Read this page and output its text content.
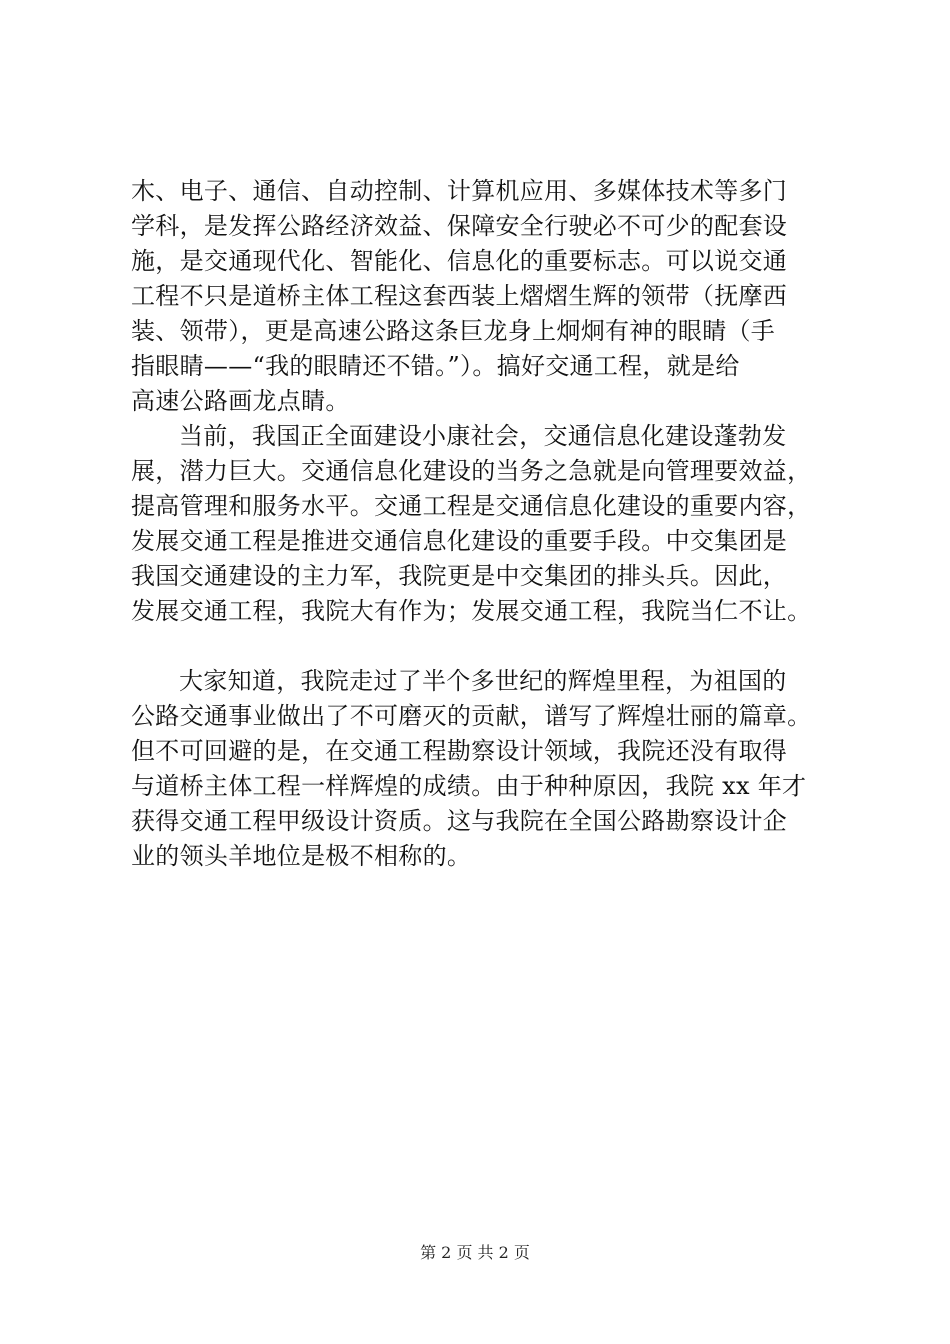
木、电子、通信、自动控制、计算机应用、多媒体技术等多门
学科，是发挥公路经济效益、保障安全行驶必不可少的配套设
施，是交通现代化、智能化、信息化的重要标志。可以说交通
工程不只是道桥主体工程这套西装上熠熠生辉的领带（抚摩西
装、领带），更是高速公路这条巨龙身上炯炯有神的眼睛（手
指眼睛——“我的眼睛还不错。”）。搞好交通工程，就是给
高速公路画龙点睛。
当前，我国正全面建设小康社会，交通信息化建设蓬勃发
展，潜力巨大。交通信息化建设的当务之急就是向管理要效益，
提高管理和服务水平。交通工程是交通信息化建设的重要内容，
发展交通工程是推进交通信息化建设的重要手段。中交集团是
我国交通建设的主力军，我院更是中交集团的排头兵。因此，
发展交通工程，我院大有作为；发展交通工程，我院当仁不让。
大家知道，我院走过了半个多世纪的辉煌里程，为祖国的
公路交通事业做出了不可磨灭的贡献，谱写了辉煌壮丽的篇章。
但不可回避的是，在交通工程勘察设计领域，我院还没有取得
与道桥主体工程一样辉煌的成绩。由于种种原因，我院 xx 年才
获得交通工程甲级设计资质。这与我院在全国公路勘察设计企
业的领头羊地位是极不相称的。
第 2 页 共 2 页
